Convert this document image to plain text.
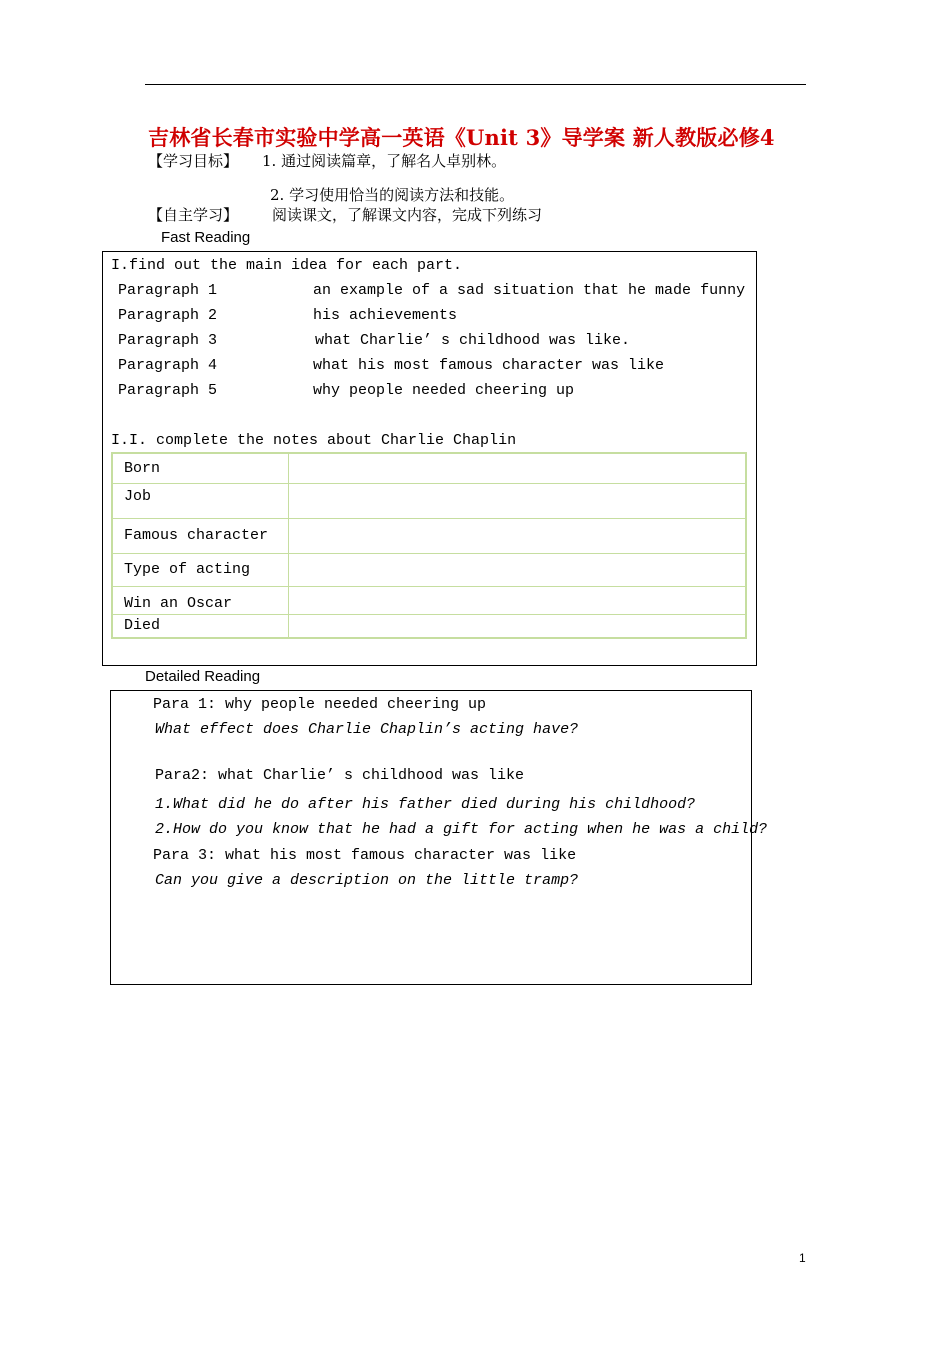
吉林省长春市实验中学高一英语《Unit 3》导学案 新人教版必修4
【学习目标】 1. 通过阅读篇章，了解名人卓别林。
2. 学习使用恰当的阅读方法和技能。
【自主学习】 阅读课文，了解课文内容，完成下列练习
Fast Reading
I.find out the main idea for each part.
Paragraph 1	an example of a sad situation that he made funny
Paragraph 2	his achievements
Paragraph 3	what Charlie’ s childhood was like.
Paragraph 4	what his most famous character was like
Paragraph 5	why people needed cheering up
I.I. complete the notes about Charlie Chaplin
Born	
Job	
Famous character	
Type of acting	
Win an Oscar	
Died	
Detailed Reading
Para 1: why people needed cheering up
What effect does Charlie Chaplin’s acting have?
Para2: what Charlie’ s childhood was like
1.What did he do after his father died during his childhood?
2.How do you know that he had a gift for acting when he was a child?
Para 3: what his most famous character was like
Can you give a description on the little tramp?
1
